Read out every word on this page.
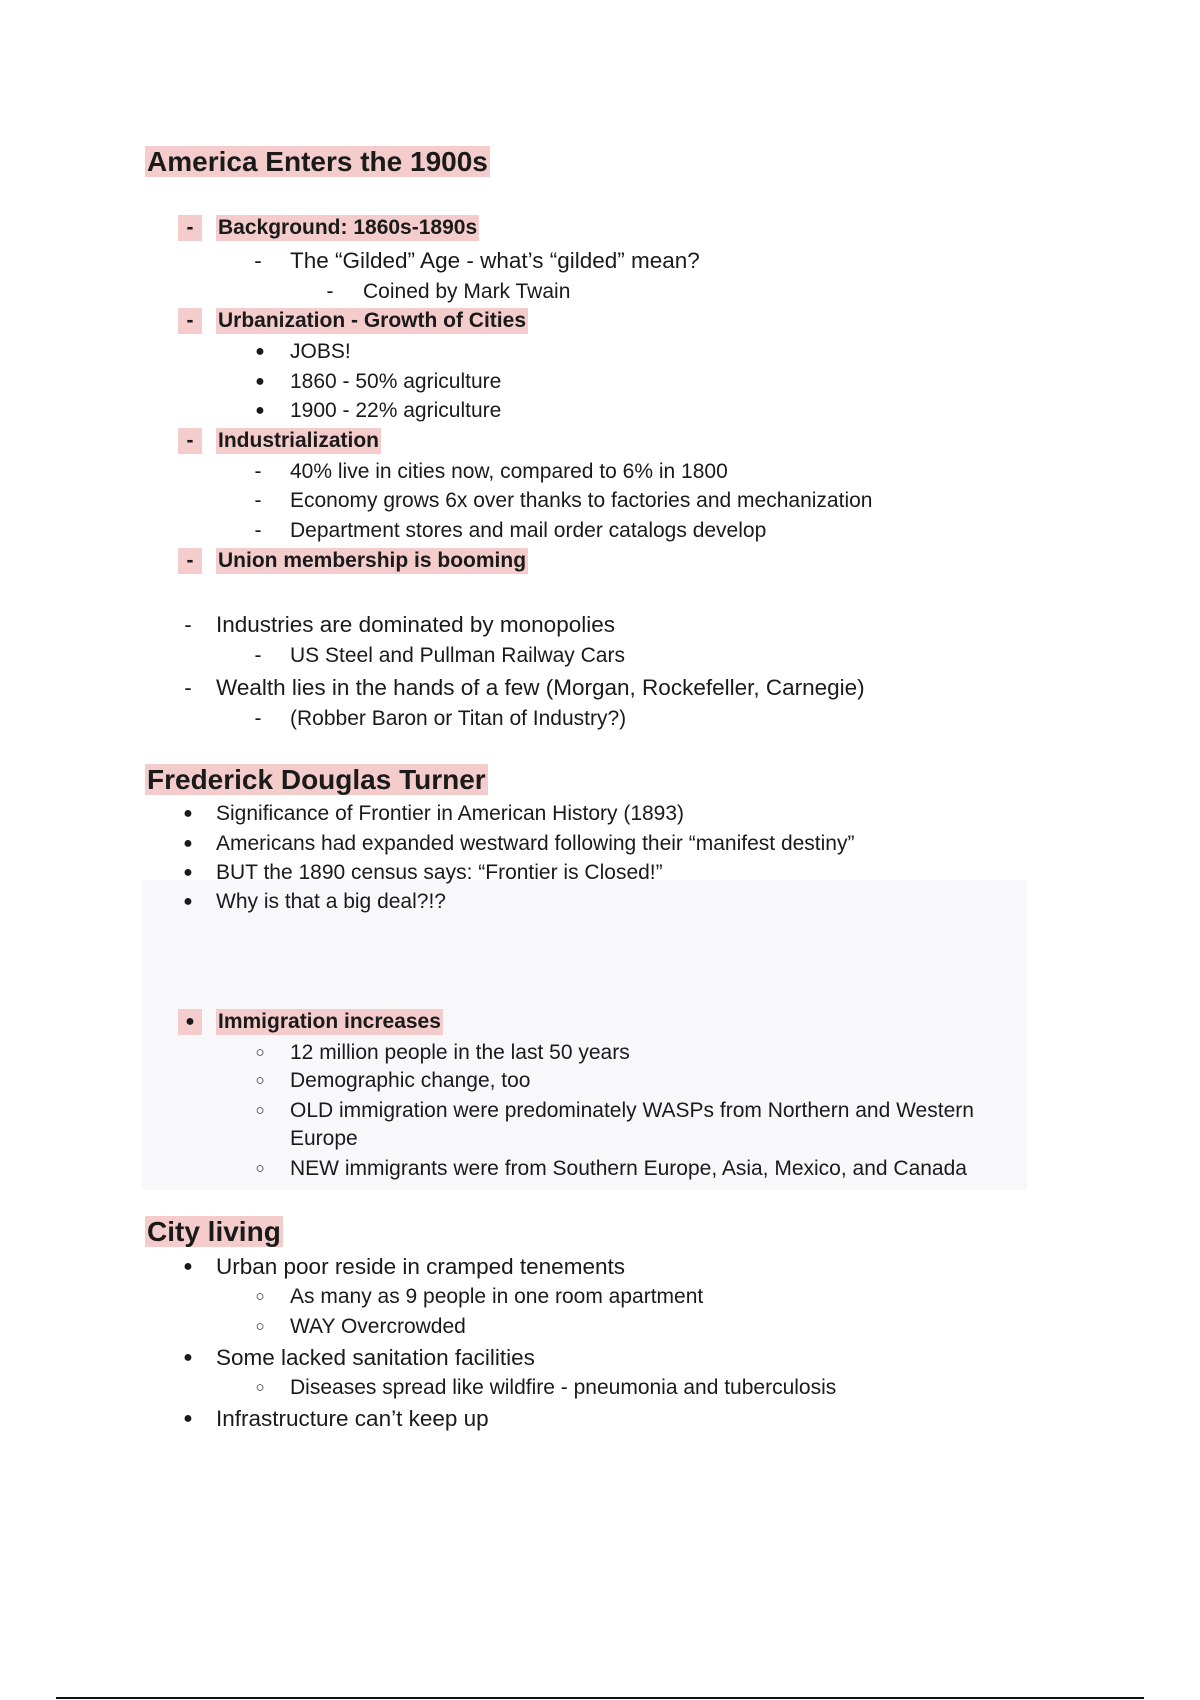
America Enters the 1900s
-	Background: 1860s-1890s
- The “Gilded” Age - what’s “gilded” mean?
-	Coined by Mark Twain
-	Urbanization - Growth of Cities
● JOBS!
● 1860 - 50% agriculture
● 1900 - 22% agriculture
-	Industrialization
-	40% live in cities now, compared to 6% in 1800
-	Economy grows 6x over thanks to factories and mechanization
-	Department stores and mail order catalogs develop
-	Union membership is booming
- Industries are dominated by monopolies
-	US Steel and Pullman Railway Cars
- Wealth lies in the hands of a few (Morgan, Rockefeller, Carnegie)
-	(Robber Baron or Titan of Industry?)
Frederick Douglas Turner
● Significance of Frontier in American History (1893)
● Americans had expanded westward following their “manifest destiny”
● BUT the 1890 census says: “Frontier is Closed!”
● Why is that a big deal?!?
●	Immigration increases
○ 12 million people in the last 50 years
○ Demographic change, too
○ OLD immigration were predominately WASPs from Northern and Western
Europe
○ NEW immigrants were from Southern Europe, Asia, Mexico, and Canada
City living
● Urban poor reside in cramped tenements
○ As many as 9 people in one room apartment
○ WAY Overcrowded
● Some lacked sanitation facilities
○ Diseases spread like wildfire - pneumonia and tuberculosis
● Infrastructure can’t keep up
